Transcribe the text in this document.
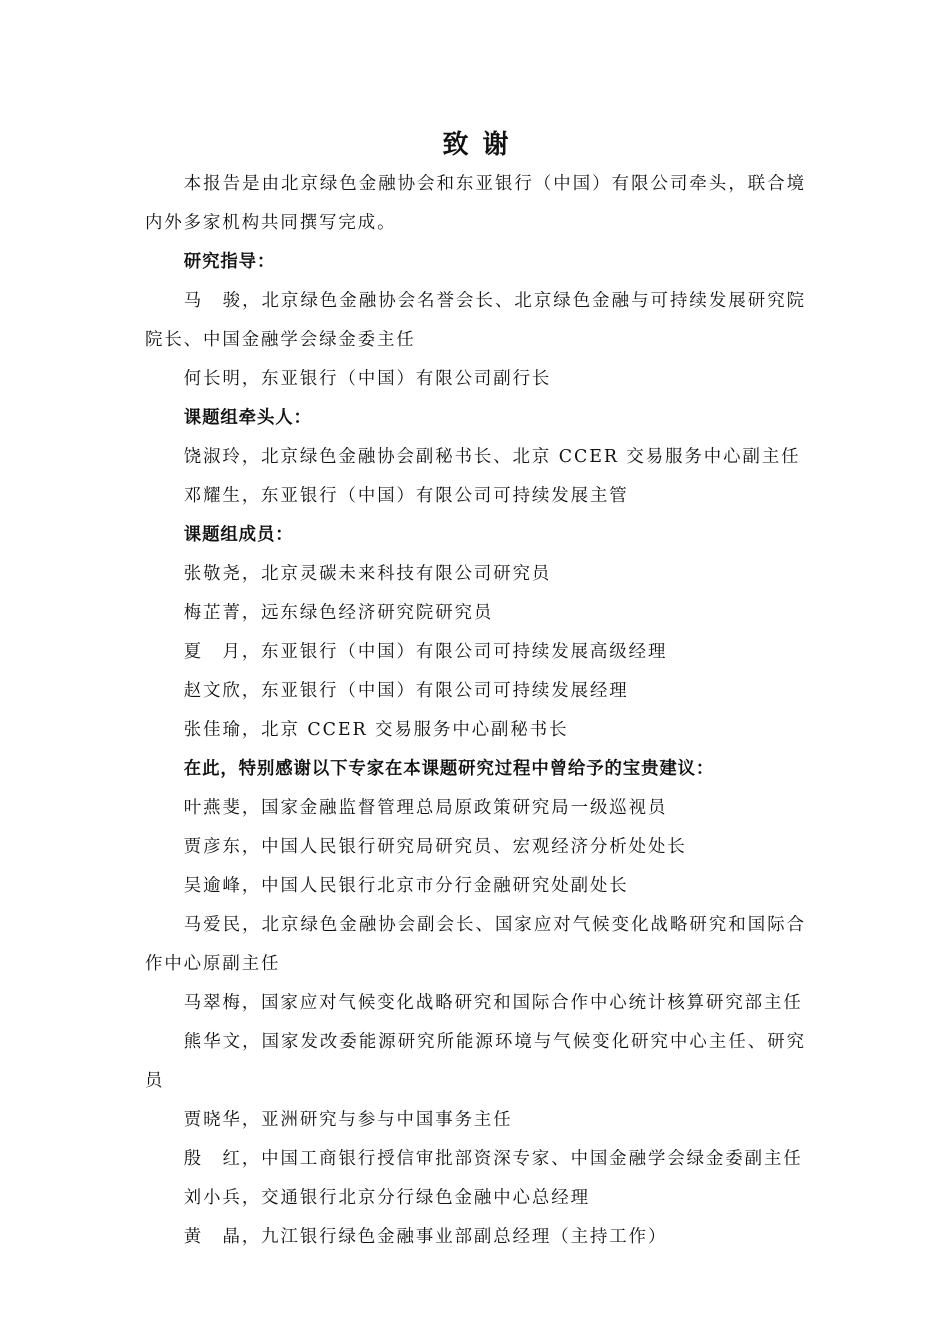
致谢

本报告是由北京绿色金融协会和东亚银行（中国）有限公司牵头，联合境内外多家机构共同撰写完成。

研究指导：

马　骏，北京绿色金融协会名誉会长、北京绿色金融与可持续发展研究院院长、中国金融学会绿金委主任

何长明，东亚银行（中国）有限公司副行长

课题组牵头人：

饶淑玲，北京绿色金融协会副秘书长、北京 CCER 交易服务中心副主任

邓耀生，东亚银行（中国）有限公司可持续发展主管

课题组成员：

张敬尧，北京灵碳未来科技有限公司研究员

梅芷菁，远东绿色经济研究院研究员

夏　月，东亚银行（中国）有限公司可持续发展高级经理

赵文欣，东亚银行（中国）有限公司可持续发展经理

张佳瑜，北京 CCER 交易服务中心副秘书长

在此，特别感谢以下专家在本课题研究过程中曾给予的宝贵建议：

叶燕斐，国家金融监督管理总局原政策研究局一级巡视员

贾彦东，中国人民银行研究局研究员、宏观经济分析处处长

吴逾峰，中国人民银行北京市分行金融研究处副处长

马爱民，北京绿色金融协会副会长、国家应对气候变化战略研究和国际合作中心原副主任

马翠梅，国家应对气候变化战略研究和国际合作中心统计核算研究部主任

熊华文，国家发改委能源研究所能源环境与气候变化研究中心主任、研究员

贾晓华，亚洲研究与参与中国事务主任

殷　红，中国工商银行授信审批部资深专家、中国金融学会绿金委副主任

刘小兵，交通银行北京分行绿色金融中心总经理

黄　晶，九江银行绿色金融事业部副总经理（主持工作）
